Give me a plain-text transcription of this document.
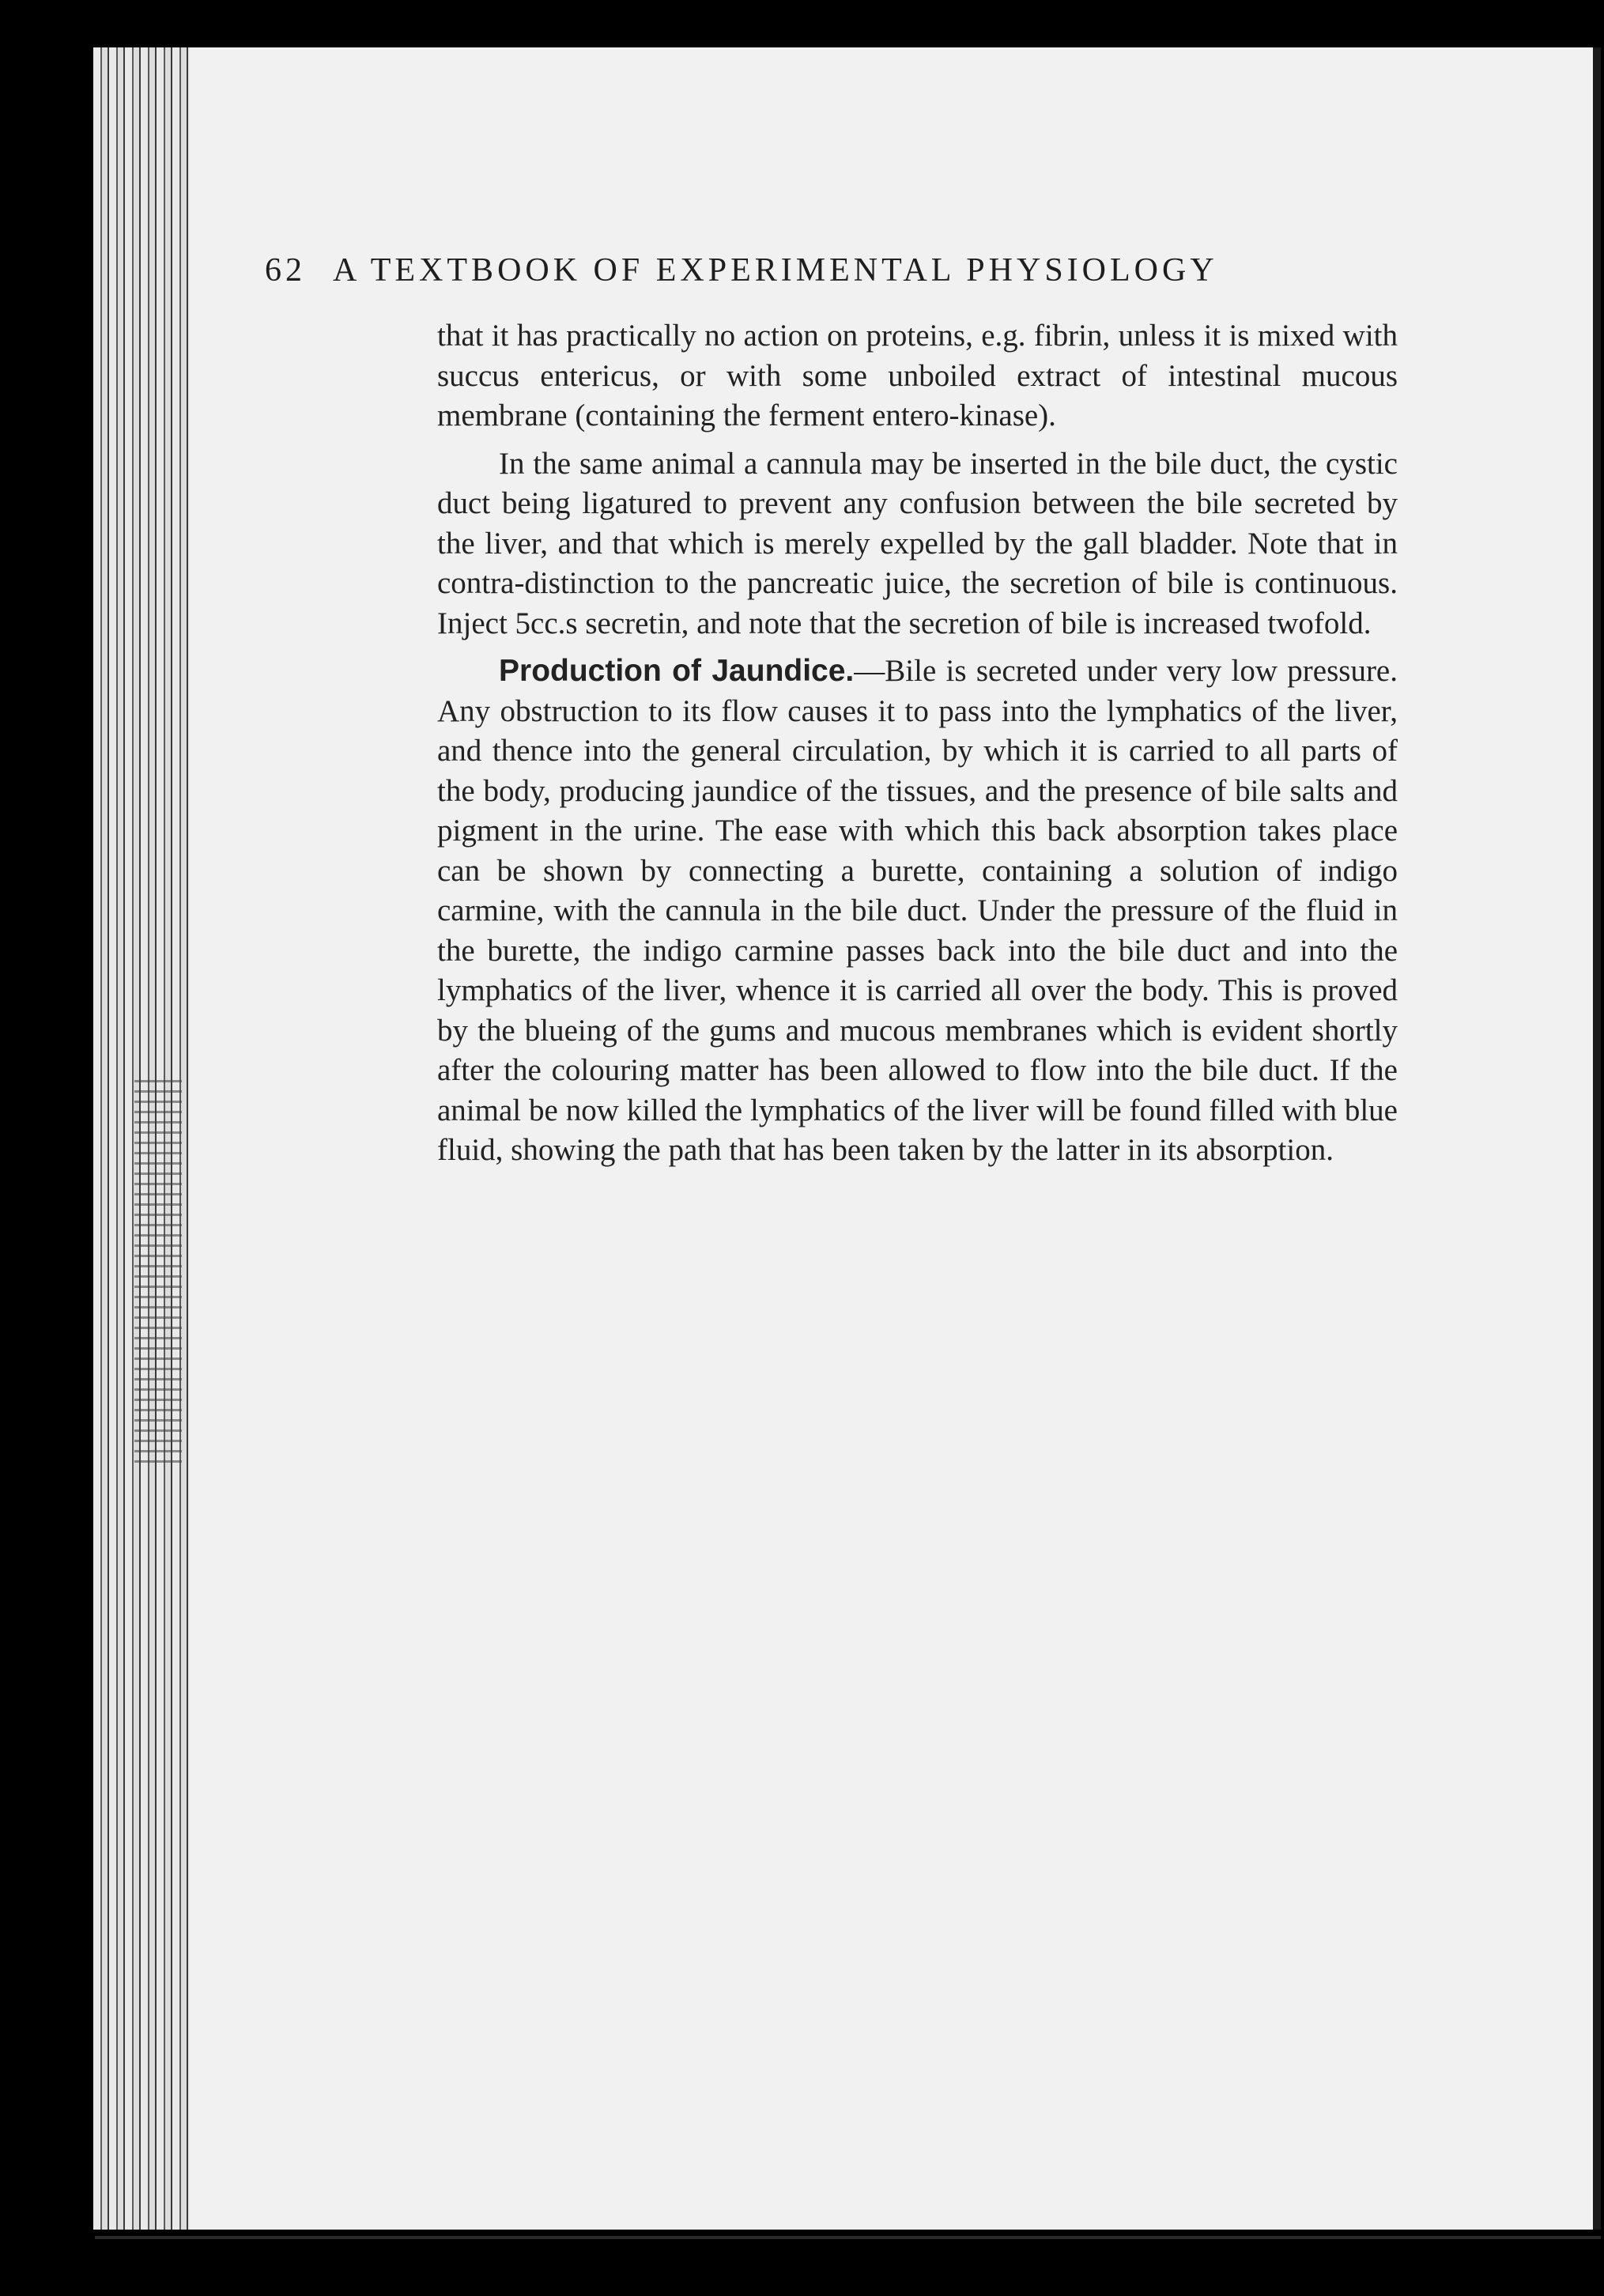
62 A TEXTBOOK OF EXPERIMENTAL PHYSIOLOGY

that it has practically no action on proteins, e.g. fibrin, unless it is mixed with succus entericus, or with some unboiled extract of intestinal mucous membrane (containing the ferment entero-kinase).

In the same animal a cannula may be inserted in the bile duct, the cystic duct being ligatured to prevent any confusion between the bile secreted by the liver, and that which is merely expelled by the gall bladder. Note that in contra-distinction to the pancreatic juice, the secretion of bile is continuous. Inject 5cc.s secretin, and note that the secretion of bile is increased twofold.

Production of Jaundice.—Bile is secreted under very low pressure. Any obstruction to its flow causes it to pass into the lymphatics of the liver, and thence into the general circulation, by which it is carried to all parts of the body, producing jaundice of the tissues, and the presence of bile salts and pigment in the urine. The ease with which this back absorption takes place can be shown by connecting a burette, containing a solution of indigo carmine, with the cannula in the bile duct. Under the pressure of the fluid in the burette, the indigo carmine passes back into the bile duct and into the lymphatics of the liver, whence it is carried all over the body. This is proved by the blueing of the gums and mucous membranes which is evident shortly after the colouring matter has been allowed to flow into the bile duct. If the animal be now killed the lymphatics of the liver will be found filled with blue fluid, showing the path that has been taken by the latter in its absorption.
